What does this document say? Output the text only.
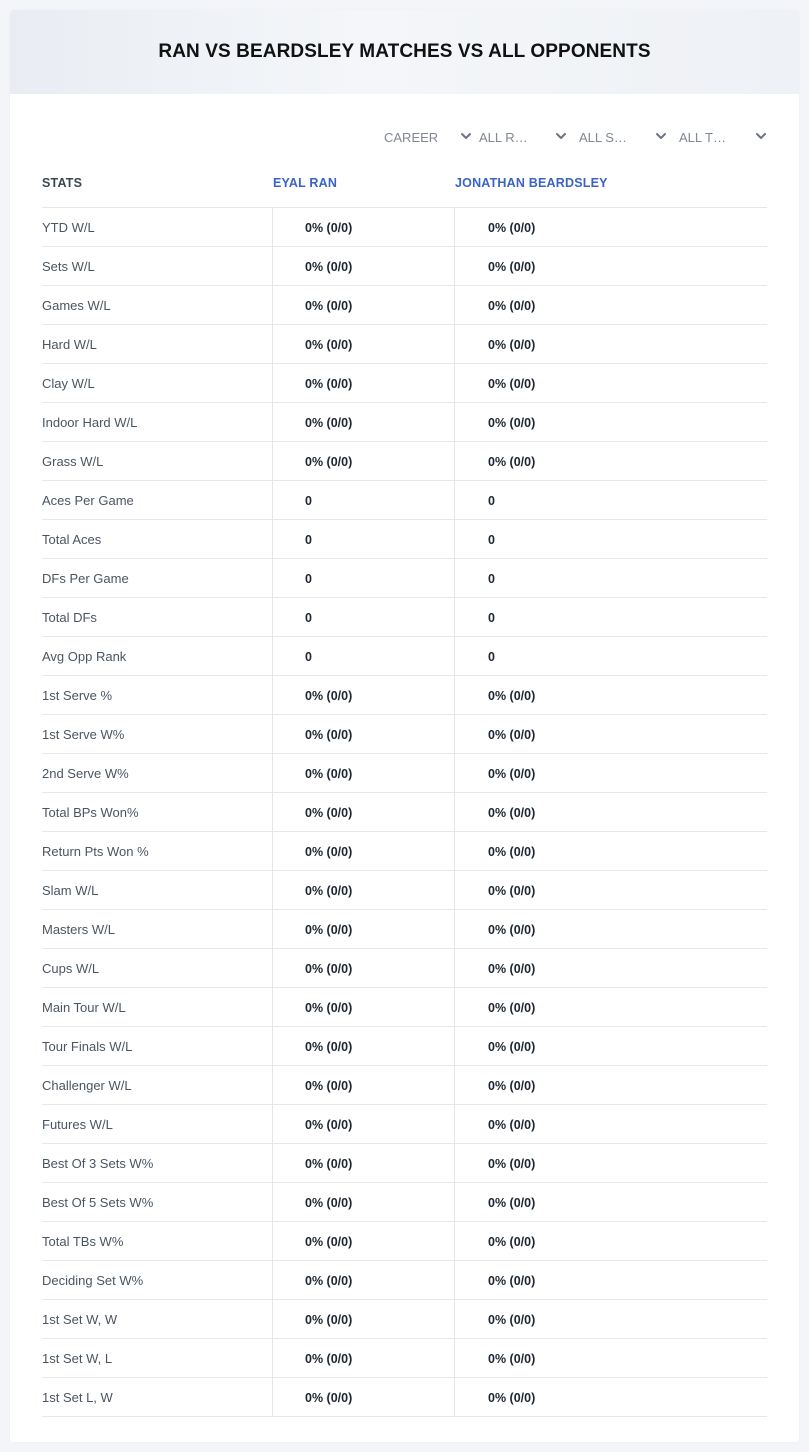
RAN VS BEARDSLEY MATCHES VS ALL OPPONENTS
CAREER	ALL R…	ALL S…	ALL T…
STATS	EYAL RAN	JONATHAN BEARDSLEY
YTD W/L	0% (0/0)	0% (0/0)
Sets W/L	0% (0/0)	0% (0/0)
Games W/L	0% (0/0)	0% (0/0)
Hard W/L	0% (0/0)	0% (0/0)
Clay W/L	0% (0/0)	0% (0/0)
Indoor Hard W/L	0% (0/0)	0% (0/0)
Grass W/L	0% (0/0)	0% (0/0)
Aces Per Game	0	0
Total Aces	0	0
DFs Per Game	0	0
Total DFs	0	0
Avg Opp Rank	0	0
1st Serve %	0% (0/0)	0% (0/0)
1st Serve W%	0% (0/0)	0% (0/0)
2nd Serve W%	0% (0/0)	0% (0/0)
Total BPs Won%	0% (0/0)	0% (0/0)
Return Pts Won %	0% (0/0)	0% (0/0)
Slam W/L	0% (0/0)	0% (0/0)
Masters W/L	0% (0/0)	0% (0/0)
Cups W/L	0% (0/0)	0% (0/0)
Main Tour W/L	0% (0/0)	0% (0/0)
Tour Finals W/L	0% (0/0)	0% (0/0)
Challenger W/L	0% (0/0)	0% (0/0)
Futures W/L	0% (0/0)	0% (0/0)
Best Of 3 Sets W%	0% (0/0)	0% (0/0)
Best Of 5 Sets W%	0% (0/0)	0% (0/0)
Total TBs W%	0% (0/0)	0% (0/0)
Deciding Set W%	0% (0/0)	0% (0/0)
1st Set W, W	0% (0/0)	0% (0/0)
1st Set W, L	0% (0/0)	0% (0/0)
1st Set L, W	0% (0/0)	0% (0/0)
